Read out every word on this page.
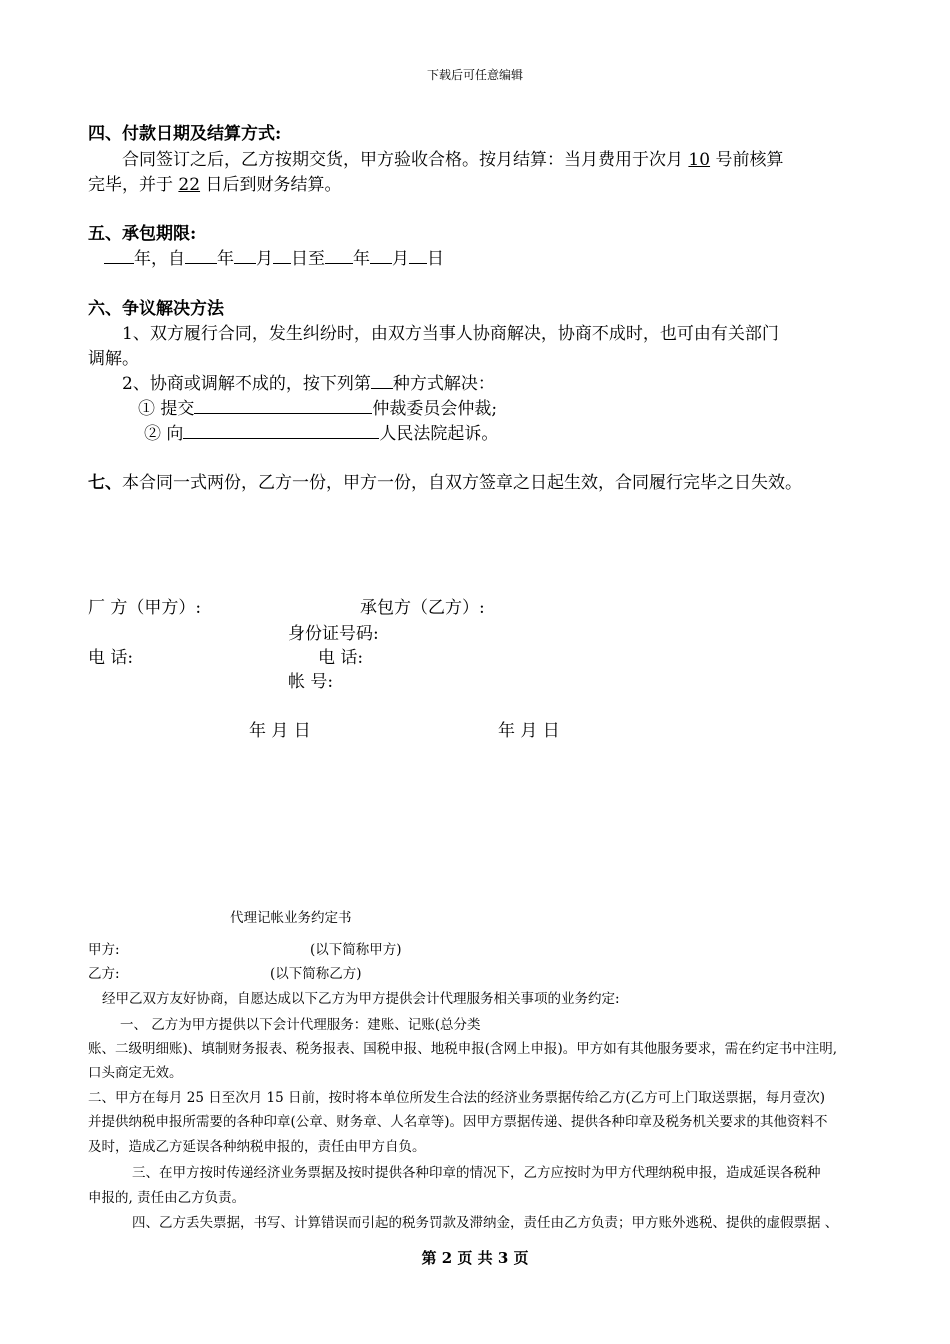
下载后可任意编辑
四、付款日期及结算方式:
合同签订之后，乙方按期交货，甲方验收合格。按月结算：当月费用于次月 10 号前核算
完毕，并于 22 日后到财务结算。
五、承包期限:
年，自 年 月 日至 年 月 日
六、争议解决方法
1、双方履行合同，发生纠纷时，由双方当事人协商解决，协商不成时，也可由有关部门
调解。
2、协商或调解不成的，按下列第 种方式解决：
① 提交	仲裁委员会仲裁;
② 向	人民法院起诉。
七、本合同一式两份，乙方一份，甲方一份，自双方签章之日起生效，合同履行完毕之日失效。
厂 方（甲方）:	承包方（乙方）:
身份证号码:
电 话:	电 话:
帐 号:
年 月 日	年 月 日
代理记帐业务约定书
甲方:	(以下简称甲方)
乙方:	(以下简称乙方)
经甲乙双方友好协商，自愿达成以下乙方为甲方提供会计代理服务相关事项的业务约定:
一、 乙方为甲方提供以下会计代理服务：建账、记账(总分类
账、二级明细账)、填制财务报表、税务报表、国税申报、地税申报(含网上申报)。甲方如有其他服务要求，需在约定书中注明,
口头商定无效。
二、甲方在每月 25 日至次月 15 日前，按时将本单位所发生合法的经济业务票据传给乙方(乙方可上门取送票据，每月壹次)
并提供纳税申报所需要的各种印章(公章、财务章、人名章等)。因甲方票据传递、提供各种印章及税务机关要求的其他资料不
及时，造成乙方延误各种纳税申报的，责任由甲方自负。
三、在甲方按时传递经济业务票据及按时提供各种印章的情况下，乙方应按时为甲方代理纳税申报，造成延误各税种
申报的, 责任由乙方负责。
四、乙方丢失票据，书写、计算错误而引起的税务罚款及滞纳金，责任由乙方负责；甲方账外逃税、提供的虚假票据 、
第 2 页 共 3 页
